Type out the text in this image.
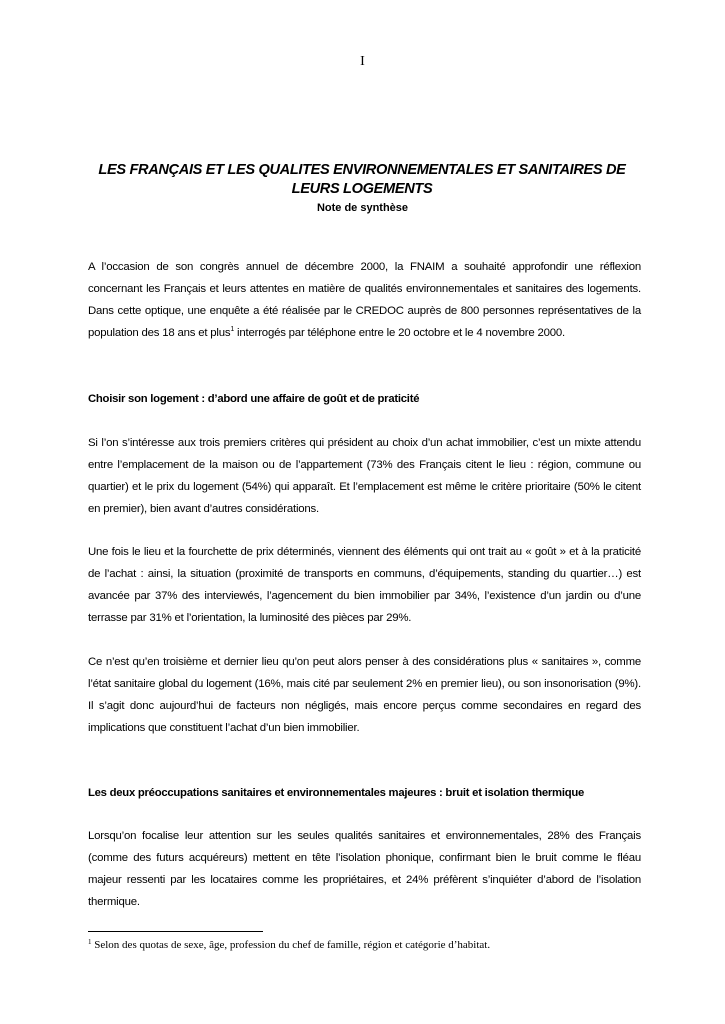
I
LES FRANÇAIS ET LES QUALITES ENVIRONNEMENTALES ET SANITAIRES DE LEURS LOGEMENTS
Note de synthèse
A l’occasion de son congrès annuel de décembre 2000, la FNAIM a souhaité approfondir une réflexion concernant les Français et leurs attentes en matière de qualités environnementales et sanitaires des logements. Dans cette optique, une enquête a été réalisée par le CREDOC auprès de 800 personnes représentatives de la population des 18 ans et plus$^1$ interrogés par téléphone entre le 20 octobre et le 4 novembre 2000.
Choisir son logement : d’abord une affaire de goût et de praticité
Si l’on s’intéresse aux trois premiers critères qui président au choix d’un achat immobilier, c’est un mixte attendu entre l’emplacement de la maison ou de l’appartement (73% des Français citent le lieu : région, commune ou quartier) et le prix du logement (54%) qui apparaît. Et l’emplacement est même le critère prioritaire (50% le citent en premier), bien avant d’autres considérations.
Une fois le lieu et la fourchette de prix déterminés, viennent des éléments qui ont trait au « goût » et à la praticité de l’achat : ainsi, la situation (proximité de transports en communs, d’équipements, standing du quartier…) est avancée par 37% des interviewés, l’agencement du bien immobilier par 34%, l’existence d’un jardin ou d’une terrasse par 31% et l’orientation, la luminosité des pièces par 29%.
Ce n’est qu’en troisième et dernier lieu qu’on peut alors penser à des considérations plus « sanitaires », comme l’état sanitaire global du logement (16%, mais cité par seulement 2% en premier lieu), ou son insonorisation (9%). Il s’agit donc aujourd’hui de facteurs non négligés, mais encore perçus comme secondaires en regard des implications que constituent l’achat d’un bien immobilier.
Les deux préoccupations sanitaires et environnementales majeures : bruit et isolation thermique
Lorsqu’on focalise leur attention sur les seules qualités sanitaires et environnementales, 28% des Français (comme des futurs acquéreurs) mettent en tête l’isolation phonique, confirmant bien le bruit comme le fléau majeur ressenti par les locataires comme les propriétaires, et 24% préfèrent s’inquiéter d’abord de l’isolation thermique.
$^1$ Selon des quotas de sexe, âge, profession du chef de famille, région et catégorie d’habitat.
